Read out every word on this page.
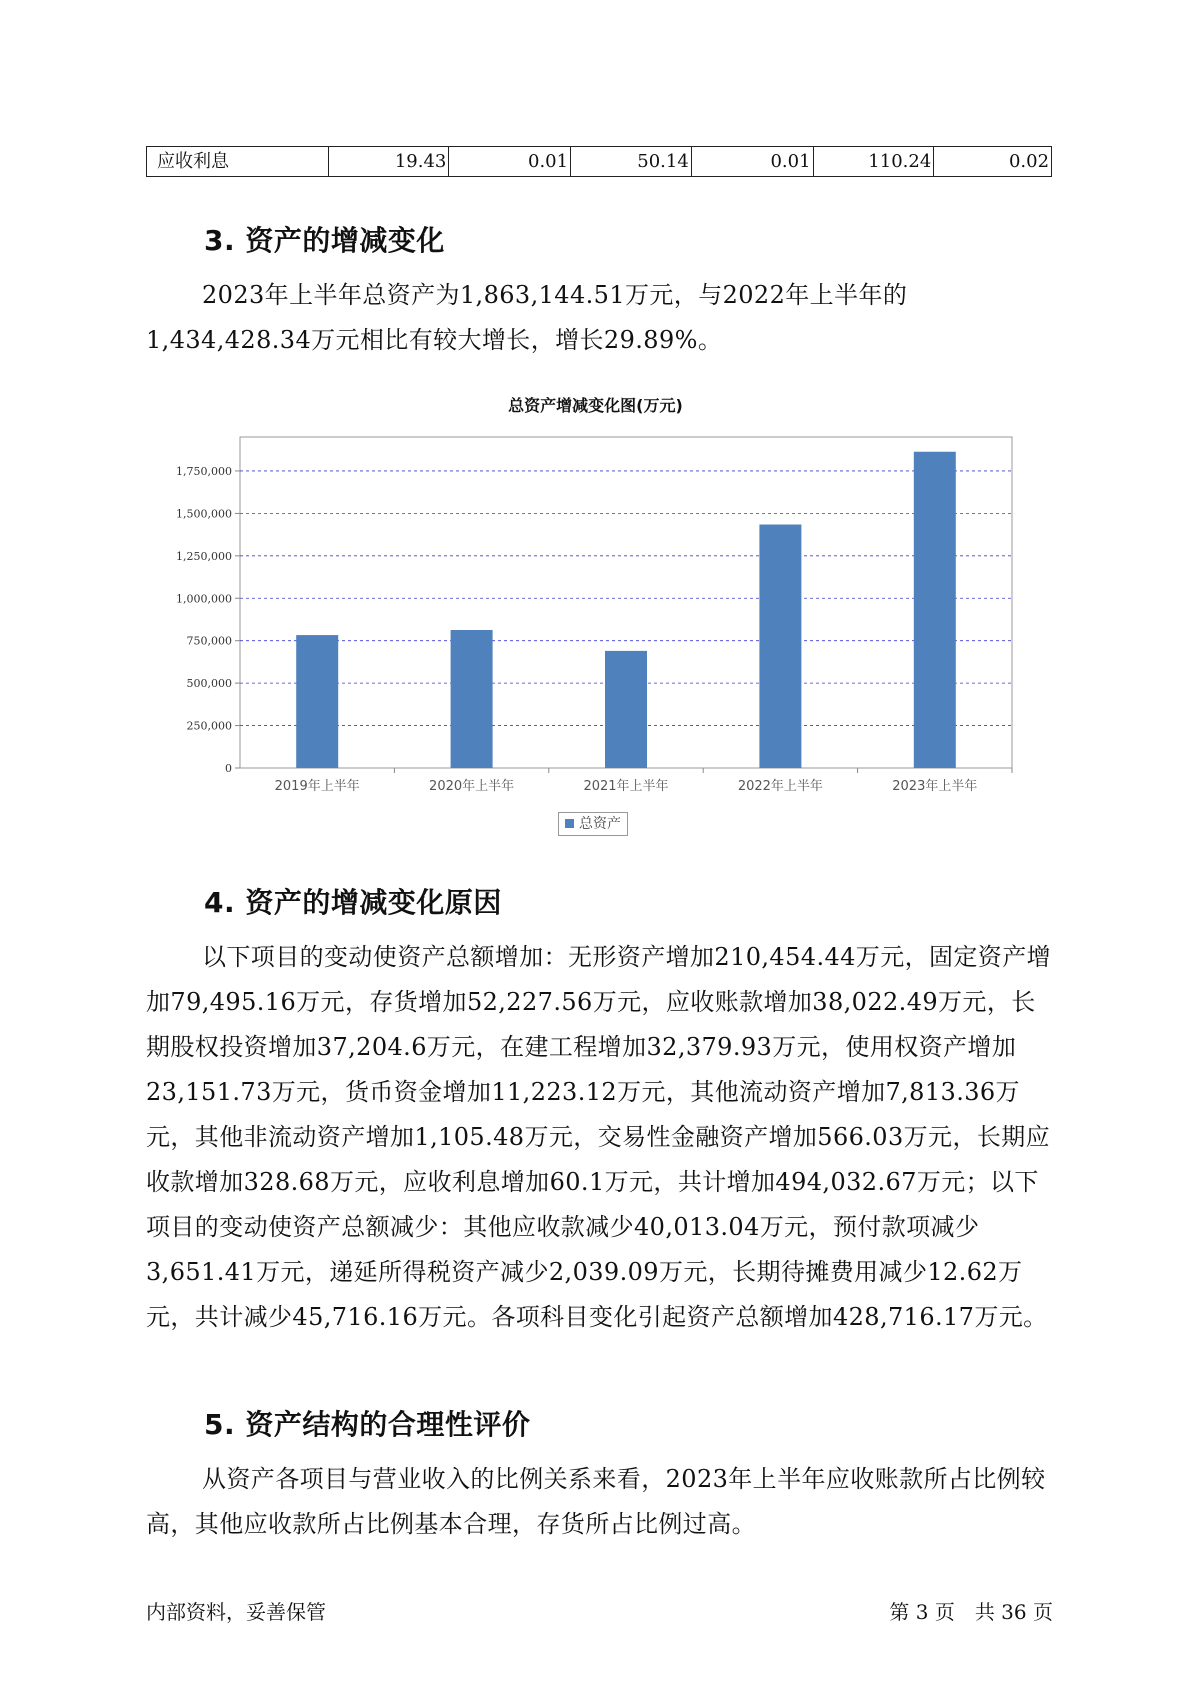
应收利息	19.43	0.01	50.14	0.01	110.24	0.02
3. 资产的增减变化

2023年上半年总资产为1,863,144.51万元，与2022年上半年的1,434,428.34万元相比有较大增长，增长29.89%。

总资产增减变化图(万元)
0
250,000
500,000
750,000
1,000,000
1,250,000
1,500,000
1,750,000
2019年上半年	2020年上半年	2021年上半年	2022年上半年	2023年上半年
总资产
4. 资产的增减变化原因

以下项目的变动使资产总额增加：无形资产增加210,454.44万元，固定资产增加79,495.16万元，存货增加52,227.56万元，应收账款增加38,022.49万元，长期股权投资增加37,204.6万元，在建工程增加32,379.93万元，使用权资产增加23,151.73万元，货币资金增加11,223.12万元，其他流动资产增加7,813.36万元，其他非流动资产增加1,105.48万元，交易性金融资产增加566.03万元，长期应收款增加328.68万元，应收利息增加60.1万元，共计增加494,032.67万元；以下项目的变动使资产总额减少：其他应收款减少40,013.04万元，预付款项减少3,651.41万元，递延所得税资产减少2,039.09万元，长期待摊费用减少12.62万元，共计减少45,716.16万元。各项科目变化引起资产总额增加428,716.17万元。

5. 资产结构的合理性评价

从资产各项目与营业收入的比例关系来看，2023年上半年应收账款所占比例较高，其他应收款所占比例基本合理，存货所占比例过高。

内部资料，妥善保管	第 3 页　共 36 页
